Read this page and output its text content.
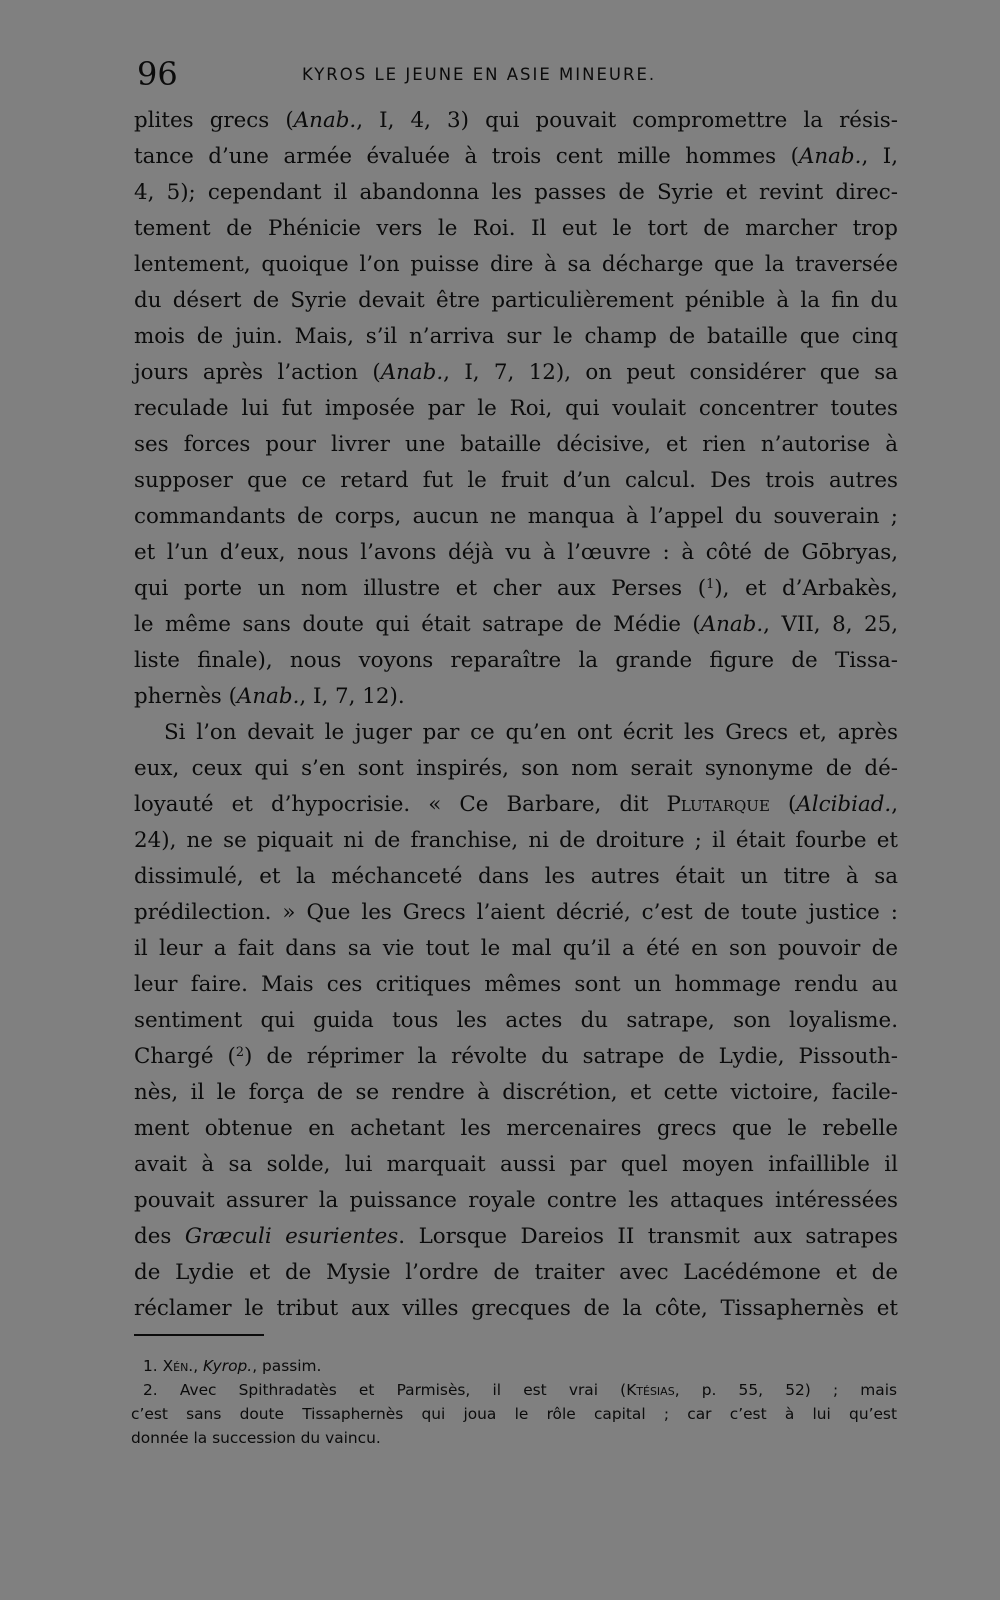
96	KYROS LE JEUNE EN ASIE MINEURE.
plites grecs (Anab., I, 4, 3) qui pouvait compromettre la résis-
tance d’une armée évaluée à trois cent mille hommes (Anab., I,
4, 5); cependant il abandonna les passes de Syrie et revint direc-
tement de Phénicie vers le Roi. Il eut le tort de marcher trop
lentement, quoique l’on puisse dire à sa décharge que la traversée
du désert de Syrie devait être particulièrement pénible à la fin du
mois de juin. Mais, s’il n’arriva sur le champ de bataille que cinq
jours après l’action (Anab., I, 7, 12), on peut considérer que sa
reculade lui fut imposée par le Roi, qui voulait concentrer toutes
ses forces pour livrer une bataille décisive, et rien n’autorise à
supposer que ce retard fut le fruit d’un calcul. Des trois autres
commandants de corps, aucun ne manqua à l’appel du souverain ;
et l’un d’eux, nous l’avons déjà vu à l’œuvre : à côté de Gōbryas,
qui porte un nom illustre et cher aux Perses ($^1$), et d’Arbakès,
le même sans doute qui était satrape de Médie (Anab., VII, 8, 25,
liste finale), nous voyons reparaître la grande figure de Tissa-
phernès (Anab., I, 7, 12).
Si l’on devait le juger par ce qu’en ont écrit les Grecs et, après
eux, ceux qui s’en sont inspirés, son nom serait synonyme de dé-
loyauté et d’hypocrisie. « Ce Barbare, dit Plutarque (Alcibiad.,
24), ne se piquait ni de franchise, ni de droiture ; il était fourbe et
dissimulé, et la méchanceté dans les autres était un titre à sa
prédilection. » Que les Grecs l’aient décrié, c’est de toute justice :
il leur a fait dans sa vie tout le mal qu’il a été en son pouvoir de
leur faire. Mais ces critiques mêmes sont un hommage rendu au
sentiment qui guida tous les actes du satrape, son loyalisme.
Chargé ($^2$) de réprimer la révolte du satrape de Lydie, Pissouth-
nès, il le força de se rendre à discrétion, et cette victoire, facile-
ment obtenue en achetant les mercenaires grecs que le rebelle
avait à sa solde, lui marquait aussi par quel moyen infaillible il
pouvait assurer la puissance royale contre les attaques intéressées
des Græculi esurientes. Lorsque Dareios II transmit aux satrapes
de Lydie et de Mysie l’ordre de traiter avec Lacédémone et de
réclamer le tribut aux villes grecques de la côte, Tissaphernès et
1. Xén., Kyrop., passim.
2. Avec Spithradatès et Parmisès, il est vrai (Ktésias, p. 55, 52) ; mais
c’est sans doute Tissaphernès qui joua le rôle capital ; car c’est à lui qu’est
donnée la succession du vaincu.
